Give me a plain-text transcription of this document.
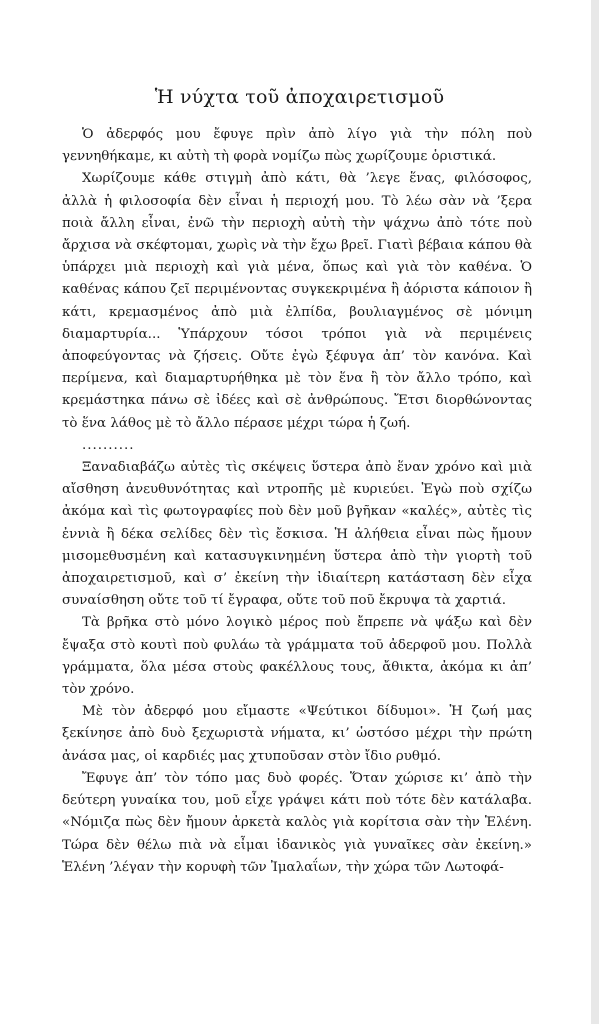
Ἡ νύχτα τοῦ ἀποχαιρετισμοῦ

Ὁ ἀδερφός μου ἔφυγε πρὶν ἀπὸ λίγο γιὰ τὴν πόλη ποὺ γεννηθήκαμε, κι αὐτὴ τὴ φορὰ νομίζω πὼς χωρίζουμε ὁριστικά.

Χωρίζουμε κάθε στιγμὴ ἀπὸ κάτι, θὰ ’λεγε ἕνας, φιλόσοφος, ἀλλὰ ἡ φιλοσοφία δὲν εἶναι ἡ περιοχή μου. Τὸ λέω σὰν νὰ ’ξερα ποιὰ ἄλλη εἶναι, ἐνῶ τὴν περιοχὴ αὐτὴ τὴν ψάχνω ἀπὸ τότε ποὺ ἄρχισα νὰ σκέφτομαι, χωρὶς νὰ τὴν ἔχω βρεῖ. Γιατὶ βέβαια κάπου θὰ ὑπάρχει μιὰ περιοχὴ καὶ γιὰ μένα, ὅπως καὶ γιὰ τὸν καθένα. Ὁ καθένας κάπου ζεῖ περιμένοντας συγκεκριμένα ἢ ἀόριστα κάποιον ἢ κάτι, κρεμασμένος ἀπὸ μιὰ ἐλπίδα, βουλιαγμένος σὲ μόνιμη διαμαρτυρία... Ὑπάρχουν τόσοι τρόποι γιὰ νὰ περιμένεις ἀποφεύγοντας νὰ ζήσεις. Οὔτε ἐγὼ ξέφυγα ἀπ’ τὸν κανόνα. Καὶ περίμενα, καὶ διαμαρτυρήθηκα μὲ τὸν ἕνα ἢ τὸν ἄλλο τρόπο, καὶ κρεμάστηκα πάνω σὲ ἰδέες καὶ σὲ ἀνθρώπους. Ἔτσι διορθώνοντας τὸ ἕνα λάθος μὲ τὸ ἄλλο πέρασε μέχρι τώρα ἡ ζωή.

..........

Ξαναδιαβάζω αὐτὲς τὶς σκέψεις ὕστερα ἀπὸ ἕναν χρόνο καὶ μιὰ αἴσθηση ἀνευθυνότητας καὶ ντροπῆς μὲ κυριεύει. Ἐγὼ ποὺ σχίζω ἀκόμα καὶ τὶς φωτογραφίες ποὺ δὲν μοῦ βγῆκαν «καλές», αὐτὲς τὶς ἐννιὰ ἢ δέκα σελίδες δὲν τὶς ἔσκισα. Ἡ ἀλήθεια εἶναι πὼς ἤμουν μισομεθυσμένη καὶ κατασυγκινημένη ὕστερα ἀπὸ τὴν γιορτὴ τοῦ ἀποχαιρετισμοῦ, καὶ σ’ ἐκείνη τὴν ἰδιαίτερη κατάσταση δὲν εἶχα συναίσθηση οὔτε τοῦ τί ἔγραφα, οὔτε τοῦ ποῦ ἔκρυψα τὰ χαρτιά.

Τὰ βρῆκα στὸ μόνο λογικὸ μέρος ποὺ ἔπρεπε νὰ ψάξω καὶ δὲν ἔψαξα στὸ κουτὶ ποὺ φυλάω τὰ γράμματα τοῦ ἀδερφοῦ μου. Πολλὰ γράμματα, ὅλα μέσα στοὺς φακέλλους τους, ἄθικτα, ἀκόμα κι ἀπ’ τὸν χρόνο.

Μὲ τὸν ἀδερφό μου εἴμαστε «Ψεύτικοι δίδυμοι». Ἡ ζωή μας ξεκίνησε ἀπὸ δυὸ ξεχωριστὰ νήματα, κι’ ὡστόσο μέχρι τὴν πρώτη ἀνάσα μας, οἱ καρδιές μας χτυποῦσαν στὸν ἴδιο ρυθμό.

Ἔφυγε ἀπ’ τὸν τόπο μας δυὸ φορές. Ὅταν χώρισε κι’ ἀπὸ τὴν δεύτερη γυναίκα του, μοῦ εἶχε γράψει κάτι ποὺ τότε δὲν κατάλαβα. «Νόμιζα πὼς δὲν ἤμουν ἀρκετὰ καλὸς γιὰ κορίτσια σὰν τὴν Ἑλένη. Τώρα δὲν θέλω πιὰ νὰ εἶμαι ἰδανικὸς γιὰ γυναῖκες σὰν ἐκείνη.» Ἑλένη ’λέγαν τὴν κορυφὴ τῶν Ἰμαλαΐων, τὴν χώρα τῶν Λωτοφά-
